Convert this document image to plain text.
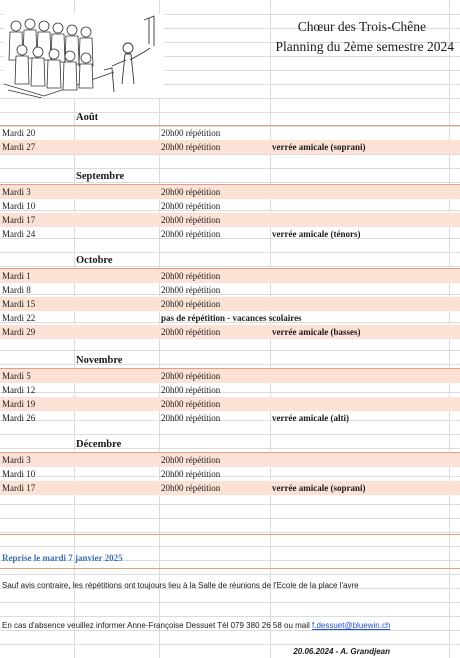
Chœur des Trois-Chêne
Planning du 2ème semestre 2024
Août
Mardi 20	20h00 répétition
Mardi 27	20h00 répétition	verrée amicale (soprani)
Septembre
Mardi 3	20h00 répétition
Mardi 10	20h00 répétition
Mardi 17	20h00 répétition
Mardi 24	20h00 répétition	verrée amicale (ténors)
Octobre
Mardi 1	20h00 répétition
Mardi 8	20h00 répétition
Mardi 15	20h00 répétition
Mardi 22	pas de répétition - vacances scolaires
Mardi 29	20h00 répétition	verrée amicale (basses)
Novembre
Mardi 5	20h00 répétition
Mardi 12	20h00 répétition
Mardi 19	20h00 répétition
Mardi 26	20h00 répétition	verrée amicale (alti)
Décembre
Mardi 3	20h00 répétition
Mardi 10	20h00 répétition
Mardi 17	20h00 répétition	verrée amicale (soprani)
Reprise le mardi 7 janvier 2025
Sauf avis contraire, les répétitions ont toujours lieu à la Salle de réunions de l'Ecole de la place l'avre
En cas d'absence veuillez informer Anne-Françoise Dessuet Tél 079 380 26 58 ou mail f.dessuet@bluewin.ch
20.06.2024 - A. Grandjean
